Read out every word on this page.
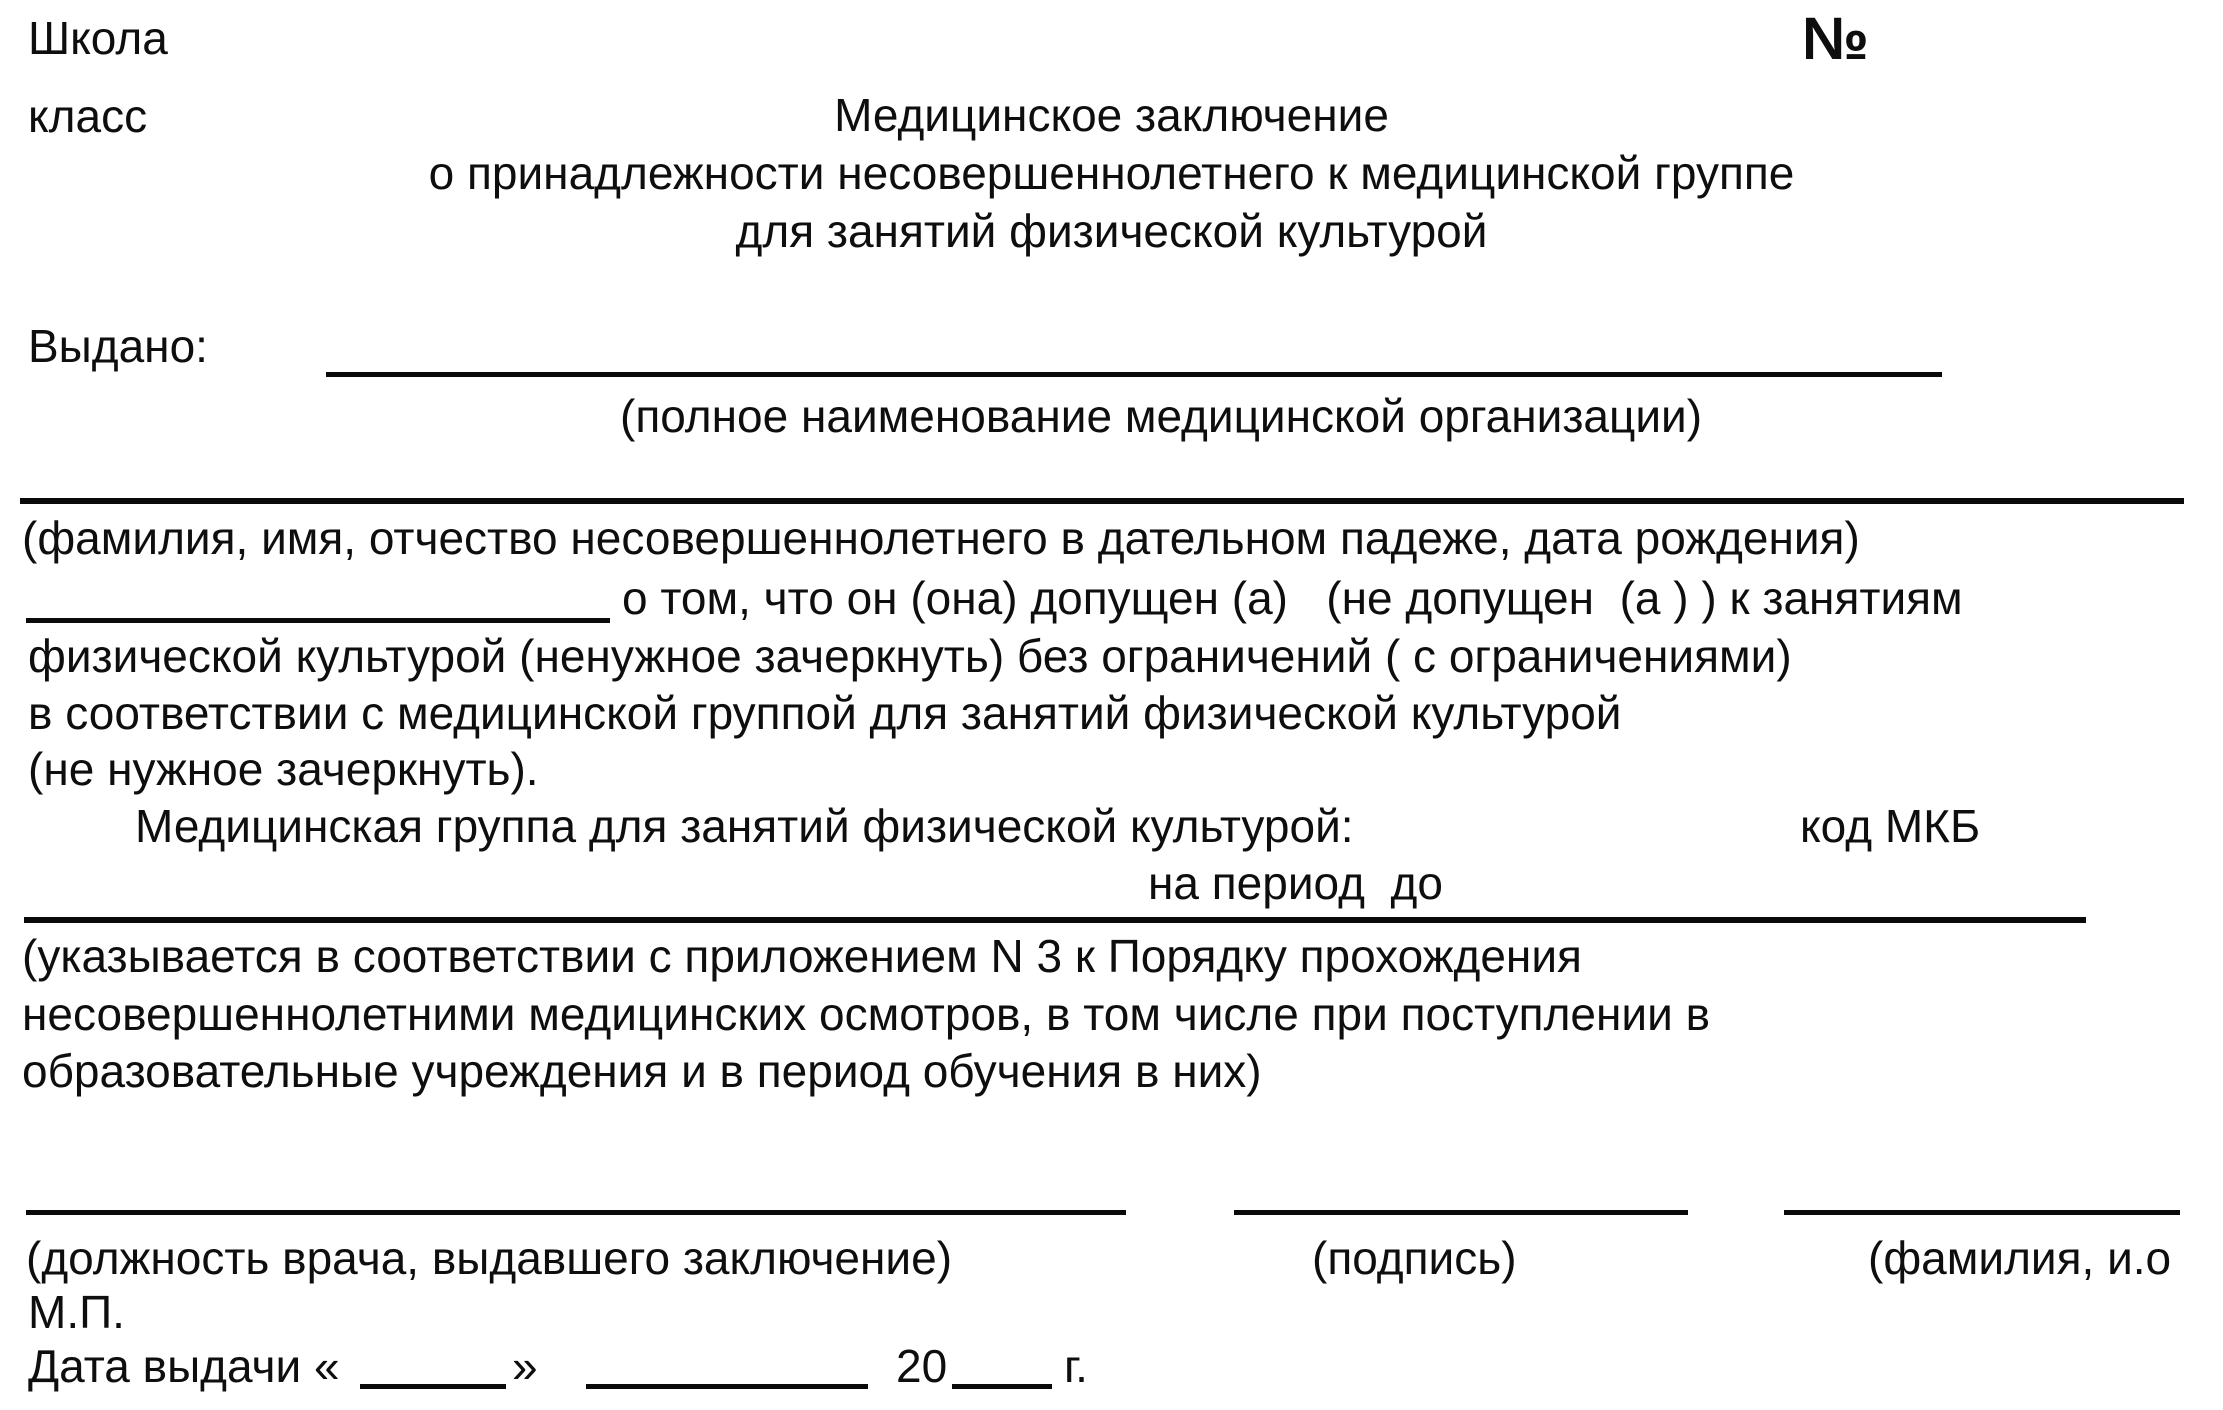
Школа
класс
№
Медицинское заключение
о принадлежности несовершеннолетнего к медицинской группе
для занятий физической культурой
Выдано:
(полное наименование медицинской организации)
(фамилия, имя, отчество несовершеннолетнего в дательном падеже, дата рождения)
о том, что он (она) допущен (а)   (не допущен  (а ) ) к занятиям
физической культурой (ненужное зачеркнуть) без ограничений ( с ограничениями)
в соответствии с медицинской группой для занятий физической культурой
(не нужное зачеркнуть).
Медицинская группа для занятий физической культурой:	код МКБ
на период  до
(указывается в соответствии с приложением N 3 к Порядку прохождения
несовершеннолетними медицинских осмотров, в том числе при поступлении в
образовательные учреждения и в период обучения в них)
(должность врача, выдавшего заключение)	(подпись)	(фамилия, и.о
М.П.
Дата выдачи «	»	20	г.
